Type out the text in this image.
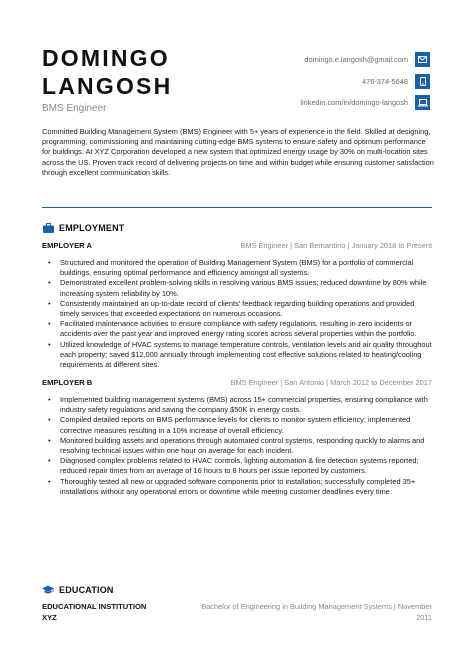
DOMINGO
LANGOSH
BMS Engineer
domingo.e.langosh@gmail.com
476-374-5648
linkedin.com/in/domingo-langosh

Committed Building Management System (BMS) Engineer with 5+ years of experience in the field. Skilled at designing, programming, commissioning and maintaining cutting-edge BMS systems to ensure safety and optimum performance for buildings. At XYZ Corporation developed a new system that optimized energy usage by 30% on multi-location sites across the US. Proven track record of delivering projects on time and within budget while ensuring customer satisfaction through excellent communication skills.

EMPLOYMENT
EMPLOYER A	BMS Engineer | San Bernardino | January 2018 to Present
• Structured and monitored the operation of Building Management System (BMS) for a portfolio of commercial buildings, ensuring optimal performance and efficiency amongst all systems.
• Demonstrated excellent problem-solving skills in resolving various BMS issues; reduced downtime by 80% while increasing system reliability by 10%.
• Consistently maintained an up-to-date record of clients' feedback regarding building operations and provided timely services that exceeded expectations on numerous occasions.
• Facilitated maintenance activities to ensure compliance with safety regulations, resulting in zero incidents or accidents over the past year and improved energy rating scores across several properties within the portfolio.
• Utilized knowledge of HVAC systems to manage temperature controls, ventilation levels and air quality throughout each property; saved $12,000 annually through implementing cost effective solutions related to heating/cooling requirements at different sites.
EMPLOYER B	BMS Engineer | San Antonio | March 2012 to December 2017
• Implemented building management systems (BMS) across 15+ commercial properties, ensuring compliance with industry safety regulations and saving the company $50K in energy costs.
• Compiled detailed reports on BMS performance levels for clients to monitor system efficiency; implemented corrective measures resulting in a 10% increase of overall efficiency.
• Monitored building assets and operations through automated control systems, responding quickly to alarms and resolving technical issues within one hour on average for each incident.
• Diagnosed complex problems related to HVAC controls, lighting automation & fire detection systems reported; reduced repair times from an average of 16 hours to 8 hours per issue reported by customers.
• Thoroughly tested all new or upgraded software components prior to installation; successfully completed 35+ installations without any operational errors or downtime while meeting customer deadlines every time.
EDUCATION
EDUCATIONAL INSTITUTION XYZ
Bachelor of Engineering in Building Management Systems | November 2011
